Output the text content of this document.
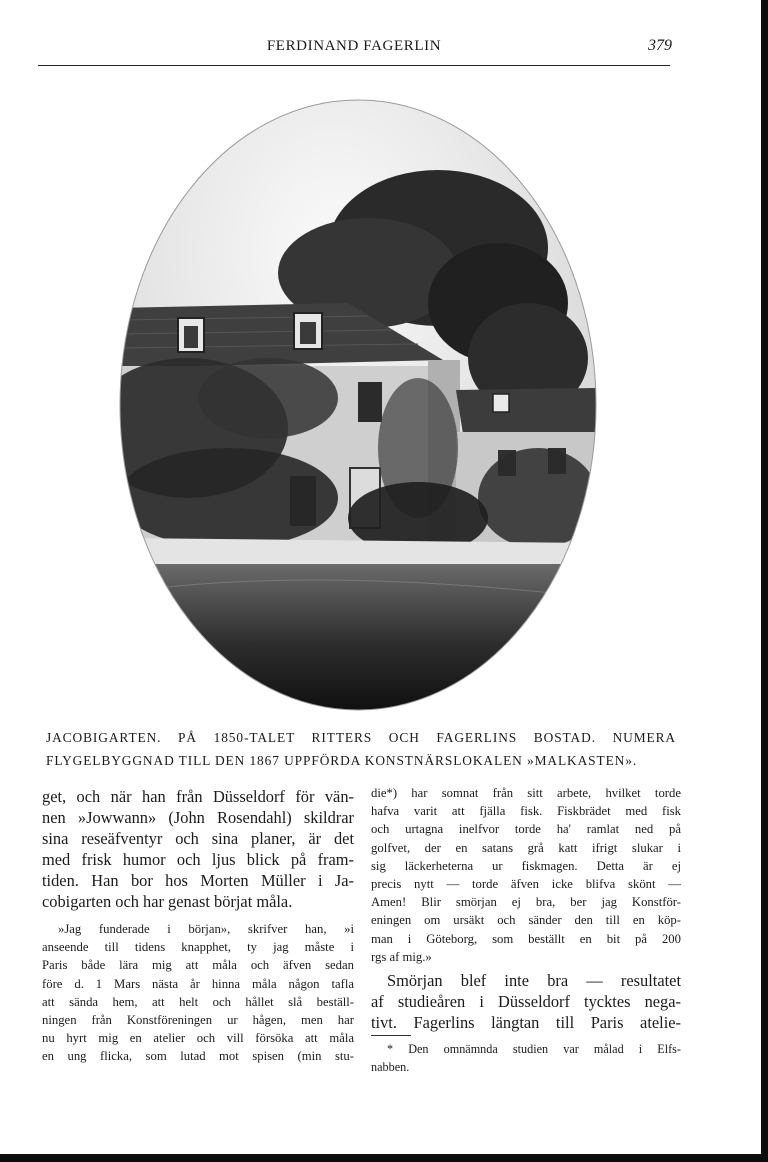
FERDINAND FAGERLIN	379
JACOBIGARTEN. PÅ 1850-TALET RITTERS OCH FAGERLINS BOSTAD. NUMERA
FLYGELBYGGNAD TILL DEN 1867 UPPFÖRDA KONSTNÄRSLOKALEN »MALKASTEN».
get, och när han från Düsseldorf för vän-
nen »Jowwann» (John Rosendahl) skildrar
sina reseäfventyr och sina planer, är det
med frisk humor och ljus blick på fram-
tiden. Han bor hos Morten Müller i Ja-
cobigarten och har genast börjat måla.
»Jag funderade i början», skrifver han, »i
anseende till tidens knapphet, ty jag måste i
Paris både lära mig att måla och äfven sedan
före d. 1 Mars nästa år hinna måla någon tafla
att sända hem, att helt och hållet slå beställ-
ningen från Konstföreningen ur hågen, men har
nu hyrt mig en atelier och vill försöka att måla
en ung flicka, som lutad mot spisen (min stu-
die*) har somnat från sitt arbete, hvilket torde
hafva varit att fjälla fisk. Fiskbrädet med fisk
och urtagna inelfvor torde ha' ramlat ned på
golfvet, der en satans grå katt ifrigt slukar i
sig läckerheterna ur fiskmagen. Detta är ej
precis nytt — torde äfven icke blifva skönt —
Amen! Blir smörjan ej bra, ber jag Konstför-
eningen om ursäkt och sänder den till en köp-
man i Göteborg, som beställt en bit på 200
rgs af mig.»
Smörjan blef inte bra — resultatet
af studieåren i Düsseldorf tycktes nega-
tivt. Fagerlins längtan till Paris atelie-
* Den omnämnda studien var målad i Elfs-
nabben.
